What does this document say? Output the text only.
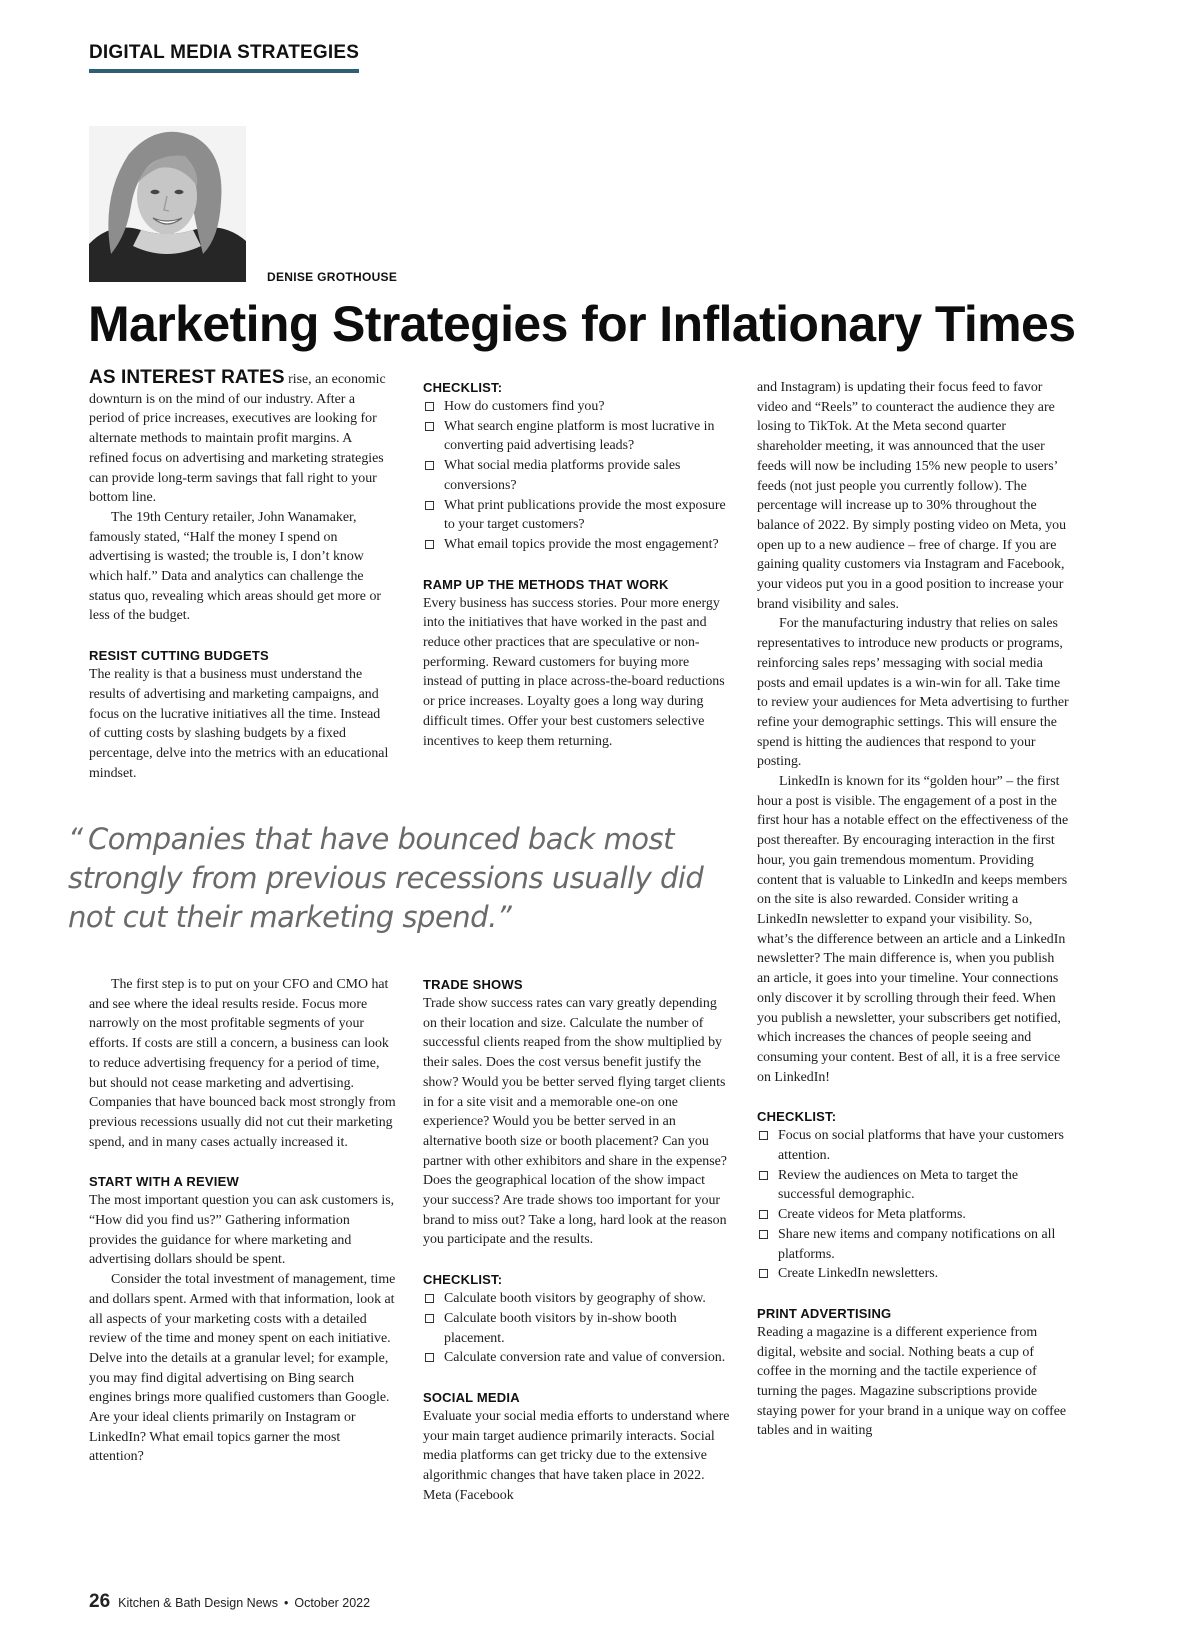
DIGITAL MEDIA STRATEGIES
DENISE GROTHOUSE
Marketing Strategies for Inflationary Times

AS INTEREST RATES rise, an economic downturn is on the mind of our industry. After a period of price increases, executives are looking for alternate methods to maintain profit margins. A refined focus on advertising and marketing strategies can provide long-term savings that fall right to your bottom line.

The 19th Century retailer, John Wanamaker, famously stated, “Half the money I spend on advertising is wasted; the trouble is, I don’t know which half.” Data and analytics can challenge the status quo, revealing which areas should get more or less of the budget.

RESIST CUTTING BUDGETS

The reality is that a business must understand the results of advertising and marketing campaigns, and focus on the lucrative initiatives all the time. Instead of cutting costs by slashing budgets by a fixed percentage, delve into the metrics with an educational mindset.

CHECKLIST:
How do customers find you?
What search engine platform is most lucrative in converting paid advertising leads?
What social media platforms provide sales conversions?
What print publications provide the most exposure to your target customers?
What email topics provide the most engagement?
RAMP UP THE METHODS THAT WORK

Every business has success stories. Pour more energy into the initiatives that have worked in the past and reduce other practices that are speculative or non-performing. Reward customers for buying more instead of putting in place across-the-board reductions or price increases. Loyalty goes a long way during difficult times. Offer your best customers selective incentives to keep them returning.

“ Companies that have bounced back most strongly from previous recessions usually did not cut their marketing spend.”

The first step is to put on your CFO and CMO hat and see where the ideal results reside. Focus more narrowly on the most profitable segments of your efforts. If costs are still a concern, a business can look to reduce advertising frequency for a period of time, but should not cease marketing and advertising. Companies that have bounced back most strongly from previous recessions usually did not cut their marketing spend, and in many cases actually increased it.

START WITH A REVIEW

The most important question you can ask customers is, “How did you find us?” Gathering information provides the guidance for where marketing and advertising dollars should be spent.

Consider the total investment of management, time and dollars spent. Armed with that information, look at all aspects of your marketing costs with a detailed review of the time and money spent on each initiative. Delve into the details at a granular level; for example, you may find digital advertising on Bing search engines brings more qualified customers than Google. Are your ideal clients primarily on Instagram or LinkedIn? What email topics garner the most attention?

TRADE SHOWS

Trade show success rates can vary greatly depending on their location and size. Calculate the number of successful clients reaped from the show multiplied by their sales. Does the cost versus benefit justify the show? Would you be better served flying target clients in for a site visit and a memorable one-on one experience? Would you be better served in an alternative booth size or booth placement? Can you partner with other exhibitors and share in the expense? Does the geographical location of the show impact your success? Are trade shows too important for your brand to miss out? Take a long, hard look at the reason you participate and the results.

CHECKLIST:
Calculate booth visitors by geography of show.
Calculate booth visitors by in-show booth placement.
Calculate conversion rate and value of conversion.
SOCIAL MEDIA

Evaluate your social media efforts to understand where your main target audience primarily interacts. Social media platforms can get tricky due to the extensive algorithmic changes that have taken place in 2022. Meta (Facebook

and Instagram) is updating their focus feed to favor video and “Reels” to counteract the audience they are losing to TikTok. At the Meta second quarter shareholder meeting, it was announced that the user feeds will now be including 15% new people to users’ feeds (not just people you currently follow). The percentage will increase up to 30% throughout the balance of 2022. By simply posting video on Meta, you open up to a new audience – free of charge. If you are gaining quality customers via Instagram and Facebook, your videos put you in a good position to increase your brand visibility and sales.

For the manufacturing industry that relies on sales representatives to introduce new products or programs, reinforcing sales reps’ messaging with social media posts and email updates is a win-win for all. Take time to review your audiences for Meta advertising to further refine your demographic settings. This will ensure the spend is hitting the audiences that respond to your posting.

LinkedIn is known for its “golden hour” – the first hour a post is visible. The engagement of a post in the first hour has a notable effect on the effectiveness of the post thereafter. By encouraging interaction in the first hour, you gain tremendous momentum. Providing content that is valuable to LinkedIn and keeps members on the site is also rewarded. Consider writing a LinkedIn newsletter to expand your visibility. So, what’s the difference between an article and a LinkedIn newsletter? The main difference is, when you publish an article, it goes into your timeline. Your connections only discover it by scrolling through their feed. When you publish a newsletter, your subscribers get notified, which increases the chances of people seeing and consuming your content. Best of all, it is a free service on LinkedIn!

CHECKLIST:
Focus on social platforms that have your customers attention.
Review the audiences on Meta to target the successful demographic.
Create videos for Meta platforms.
Share new items and company notifications on all platforms.
Create LinkedIn newsletters.
PRINT ADVERTISING

Reading a magazine is a different experience from digital, website and social. Nothing beats a cup of coffee in the morning and the tactile experience of turning the pages. Magazine subscriptions provide staying power for your brand in a unique way on coffee tables and in waiting

26 Kitchen & Bath Design News • October 2022
